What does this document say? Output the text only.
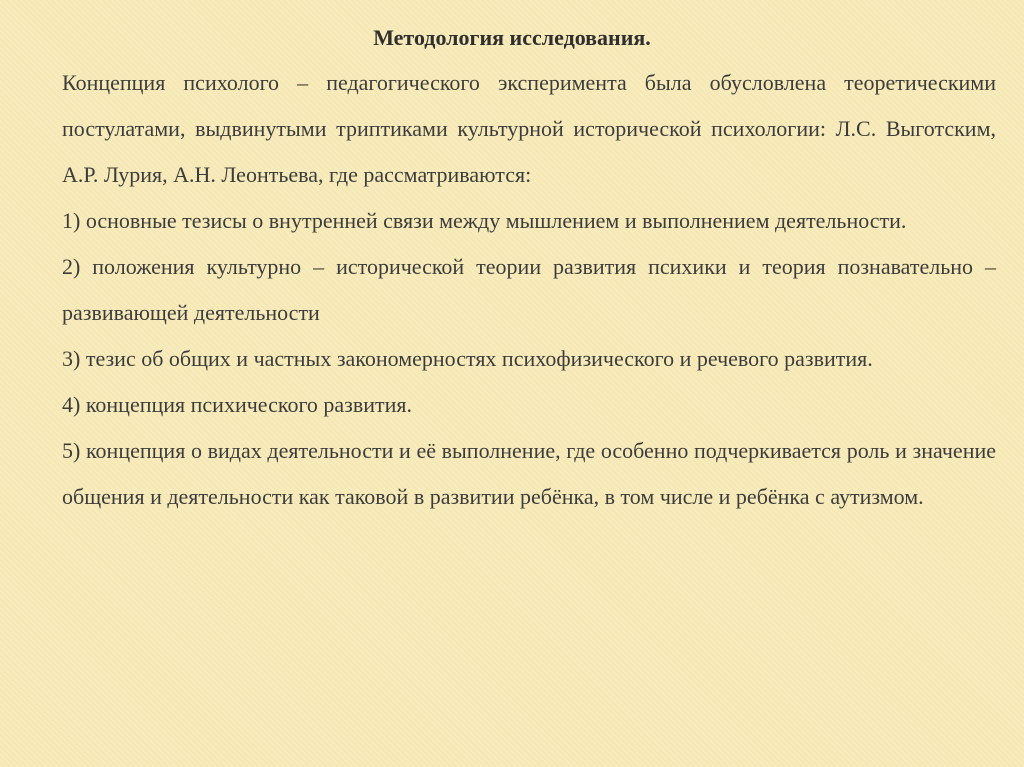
Методология исследования.

Концепция психолого – педагогического эксперимента была обусловлена теоретическими постулатами, выдвинутыми триптиками культурной исторической психологии: Л.С. Выготским, А.Р. Лурия, А.Н. Леонтьева, где рассматриваются:

1) основные тезисы о внутренней связи между мышлением и выполнением деятельности.

2) положения культурно – исторической теории развития психики и теория познавательно – развивающей деятельности

3) тезис об общих и частных закономерностях психофизического и речевого развития.

4) концепция психического развития.

5) концепция о видах деятельности и её выполнение, где особенно подчеркивается роль и значение общения и деятельности как таковой в развитии ребёнка, в том числе и ребёнка с аутизмом.
